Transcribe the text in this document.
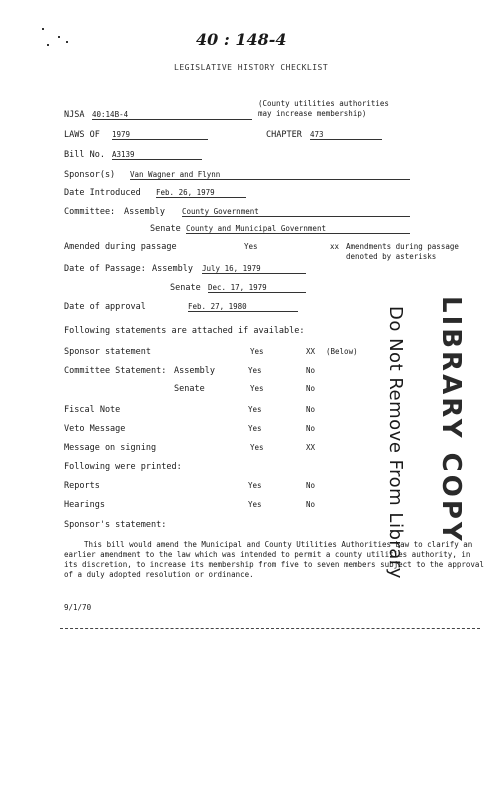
40 : 148-4
LEGISLATIVE HISTORY CHECKLIST
NJSA 40:14B-4
(County utilities authorities
may increase membership)
LAWS OF 1979	CHAPTER 473
Bill No. A3139
Sponsor(s) Van Wagner and Flynn
Date Introduced Feb. 26, 1979
Committee: Assembly County Government
Senate County and Municipal Government
Amended during passage	Yes	xx Amendments during passage
denoted by asterisks
Date of Passage: Assembly July 16, 1979
Senate Dec. 17, 1979
Date of approval	Feb. 27, 1980
Following statements are attached if available:
Sponsor statement	Yes	XX (Below)
Committee Statement: Assembly	Yes	No
Senate	Yes	No
Fiscal Note	Yes	No
Veto Message	Yes	No
Message on signing	Yes	XX
Following were printed:
Reports	Yes	No
Hearings	Yes	No
Sponsor's statement:
This bill would amend the Municipal and County Utilities Authorities Law to clarify an earlier amendment to the law which was intended to permit a county utilities authority, in its discretion, to increase its membership from five to seven members subject to the approval of a duly adopted resolution or ordinance.
9/1/70
Do Not Remove From Library LIBRARY COPY
